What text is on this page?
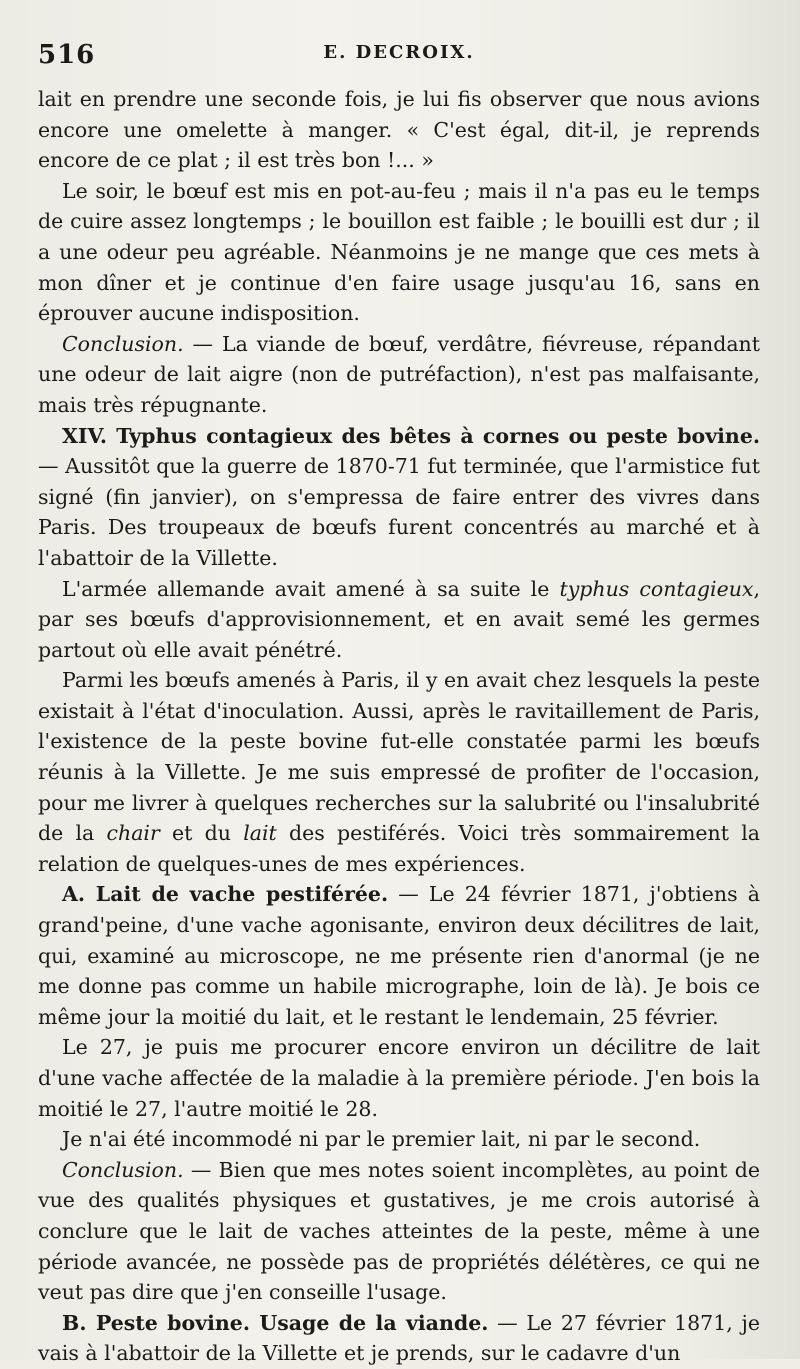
516	E. DECROIX.

lait en prendre une seconde fois, je lui fis observer que nous avions encore une omelette à manger. « C'est égal, dit-il, je reprends encore de ce plat ; il est très bon !... »

Le soir, le bœuf est mis en pot-au-feu ; mais il n'a pas eu le temps de cuire assez longtemps ; le bouillon est faible ; le bouilli est dur ; il a une odeur peu agréable. Néanmoins je ne mange que ces mets à mon dîner et je continue d'en faire usage jusqu'au 16, sans en éprouver aucune indisposition.

Conclusion. — La viande de bœuf, verdâtre, fiévreuse, répandant une odeur de lait aigre (non de putréfaction), n'est pas malfaisante, mais très répugnante.

XIV. Typhus contagieux des bêtes à cornes ou peste bovine. — Aussitôt que la guerre de 1870-71 fut terminée, que l'armistice fut signé (fin janvier), on s'empressa de faire entrer des vivres dans Paris. Des troupeaux de bœufs furent concentrés au marché et à l'abattoir de la Villette.

L'armée allemande avait amené à sa suite le typhus contagieux, par ses bœufs d'approvisionnement, et en avait semé les germes partout où elle avait pénétré.

Parmi les bœufs amenés à Paris, il y en avait chez lesquels la peste existait à l'état d'inoculation. Aussi, après le ravitaillement de Paris, l'existence de la peste bovine fut-elle constatée parmi les bœufs réunis à la Villette. Je me suis empressé de profiter de l'occasion, pour me livrer à quelques recherches sur la salubrité ou l'insalubrité de la chair et du lait des pestiférés. Voici très sommairement la relation de quelques-unes de mes expériences.

A. Lait de vache pestiférée. — Le 24 février 1871, j'obtiens à grand'peine, d'une vache agonisante, environ deux décilitres de lait, qui, examiné au microscope, ne me présente rien d'anormal (je ne me donne pas comme un habile micrographe, loin de là). Je bois ce même jour la moitié du lait, et le restant le lendemain, 25 février.

Le 27, je puis me procurer encore environ un décilitre de lait d'une vache affectée de la maladie à la première période. J'en bois la moitié le 27, l'autre moitié le 28.

Je n'ai été incommodé ni par le premier lait, ni par le second.

Conclusion. — Bien que mes notes soient incomplètes, au point de vue des qualités physiques et gustatives, je me crois autorisé à conclure que le lait de vaches atteintes de la peste, même à une période avancée, ne possède pas de propriétés délétères, ce qui ne veut pas dire que j'en conseille l'usage.

B. Peste bovine. Usage de la viande. — Le 27 février 1871, je vais à l'abattoir de la Villette et je prends, sur le cadavre d'un
